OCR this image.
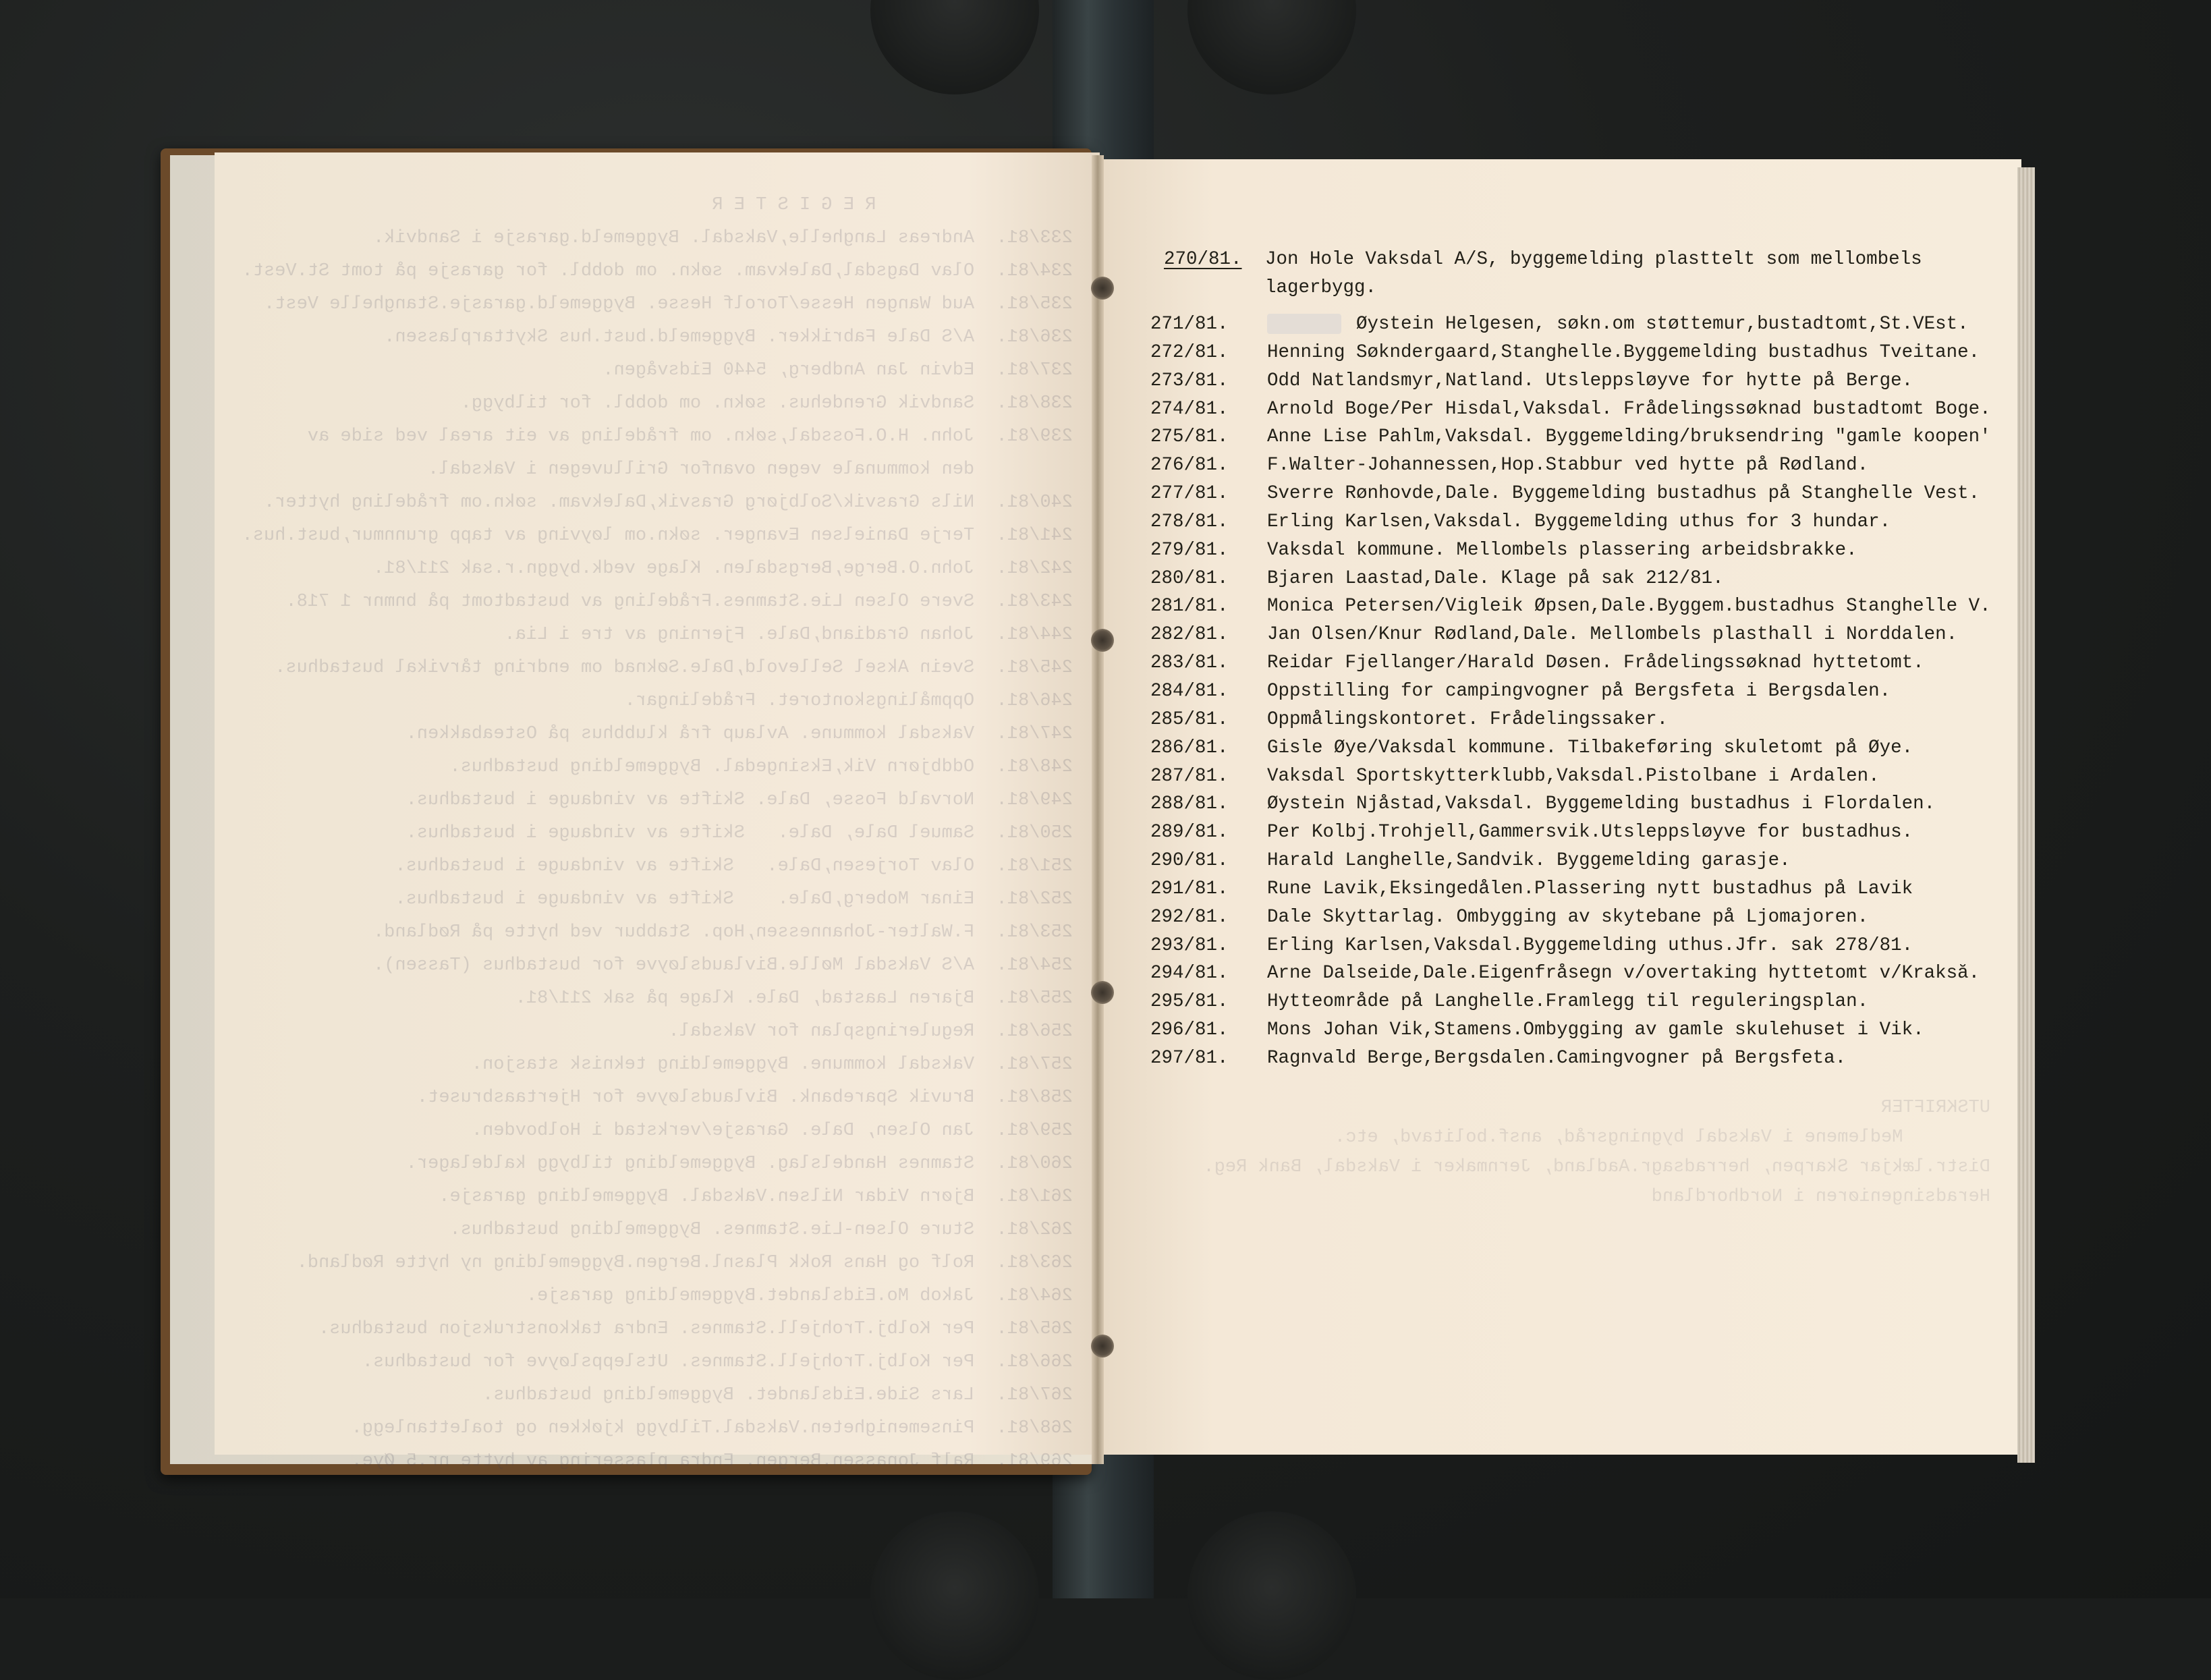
R E G I S T E R
233/81.  Andreas Langhelle,Vaksdal. Byggemeld.garasje i Sandvik.
234/81.  Olav Dagsdal,Dalekvam. søkn. om dobbl. for garasje på tomt St.Vest.
235/81.  Aud Wangen Hesse/Torolf Hesse. Byggemeld.garasje.Stanghelle Vest.
236/81.  A/S Dale Fabrikker. Byggemeld.bust.hus Skyttarplassen.
237/81.  Edvin Jan Andberg, 5440 Eidsvågen.
238/81.  Sandvik Grendehus. søkn. om dobbl. for tilbygg.
239/81.  John. H.O.Fossdal,søkn. om frådeling av eit areal ved side av
den kommunale vegen ovanfor Grilluvegen i Vaksdal.
240/81.  Nils Grasvik/Solbjørg Grasvik,Dalekvam. søkn.om frådeling hytter.
241/81.  Terje Danielsen Evanger. søkn.om løyving av tapp grunnmur,bust.hus.
242/81.  John.O.Berge,Bergsdalen. Klage vedk.byggn.r.sak 211/81.
243/81.  Svere Olsen Lie.Stamnes.Frådeling av bustadtomt på bnmnr 1 718.
244/81.  Johan Gradiand,Dale. Fjerning av tre i Lia.
245/81.  Svein Aksel Sellevold,Dale.Søknad om endring tårvikal bustadhus.
246/81.  Oppmålingskontoret. Frådelingar.
247/81.  Vaksdal kommune. Avlaup frå klubbhus på Osteabakken.
248/81.  Oddbjørn Vik,Eksingedal. Byggemelding bustadhus.
249/81.  Norvald Fosse, Dale. Skifte av vindauge i bustadhus.
250/81.  Samuel Dale, Dale.   Skifte av vindauge i bustadhus.
251/81.  Olav Torjesen,Dale.   Skifte av vindauge i bustadhus.
252/81.  Einar Moberg,Dale.    Skifte av vindauge i bustadhus.
253/81.  F.Walter-Johannessen,Hop. Stabbur ved hytte på Rødland.
254/81.  A/S Vaksdal Mølle.Bivlaudsløyve for bustadhus (Tassen).
255/81.  Bjaren Laastad, Dale. Klage på sak 211/81.
256/81.  Reguleringsplan for Vaksdal.
257/81.  Vaksdal kommune. Byggemelding teknisk stasjon.
258/81.  Bruvik Sparebank. Bivlaudsløyve for Hjertaasbruset.
259/81.  Jan Olsen, Dale. Garasje/verkstad i Holbovden.
260/81.  Stamnes Handelslag. Byggemelding tilbygg kaldelager.
261/81.  Bjørn Vidar Nilsen.Vaksdal. Byggemelding garasje.
262/81.  Sture Olsen-Lie.Stamnes. Byggemelding bustadhus.
263/81.  Rolf og Hans Rokk Plasnl.Bergen.Byggemelding ny hytte Rødland.
264/81.  Jakob Mo.Eidslandet.Byggemelding garasje.
265/81.  Per Kolbj.Trohjell.Stamnes. Endra takkonstruksjon bustadhus.
266/81.  Per Kolbj.Trohjell.Stamnes. Utsleppsløyve for bustadhus.
267/81.  Lars Side.Eidslandet. Byggemelding bustadhus.
268/81.  Pinsemenigheten.Vaksdal.Tilbygg kjøkken og toalettanlegg.
269/81.  Ralf Jonassen.Bergen. Endra plassering av hytte nr.5 Øye.
UTSKRIFTER
Medlemene i Vaksdal bygningsråd, ansf.bolitavd, etc.
Distr.lækjar Skarpen, herradsagr.Aadland, Jernmaker i Vaksdal, Bank Reg.
Heradsingeniøren i Nordhordland
270/81.	Jon Hole Vaksdal A/S, byggemelding plasttelt som mellombels
lagerbygg.
271/81.	Øystein Helgesen, søkn.om støttemur,bustadtomt,St.VEst.
272/81.	Henning Søkndergaard,Stanghelle.Byggemelding bustadhus Tveitane.
273/81.	Odd Natlandsmyr,Natland. Utsleppsløyve for hytte på Berge.
274/81.	Arnold Boge/Per Hisdal,Vaksdal. Frådelingssøknad bustadtomt Boge.
275/81.	Anne Lise Pahlm,Vaksdal. Byggemelding/bruksendring "gamle koopen'
276/81.	F.Walter-Johannessen,Hop.Stabbur ved hytte på Rødland.
277/81.	Sverre Rønhovde,Dale. Byggemelding bustadhus på Stanghelle Vest.
278/81.	Erling Karlsen,Vaksdal. Byggemelding uthus for 3 hundar.
279/81.	Vaksdal kommune. Mellombels plassering arbeidsbrakke.
280/81.	Bjaren Laastad,Dale. Klage på sak 212/81.
281/81.	Monica Petersen/Vigleik Øpsen,Dale.Byggem.bustadhus Stanghelle V.
282/81.	Jan Olsen/Knur Rødland,Dale. Mellombels plasthall i Norddalen.
283/81.	Reidar Fjellanger/Harald Døsen. Frådelingssøknad hyttetomt.
284/81.	Oppstilling for campingvogner på Bergsfeta i Bergsdalen.
285/81.	Oppmålingskontoret. Frådelingssaker.
286/81.	Gisle Øye/Vaksdal kommune. Tilbakeføring skuletomt på Øye.
287/81.	Vaksdal Sportskytterklubb,Vaksdal.Pistolbane i Ardalen.
288/81.	Øystein Njåstad,Vaksdal. Byggemelding bustadhus i Flordalen.
289/81.	Per Kolbj.Trohjell,Gammersvik.Utsleppsløyve for bustadhus.
290/81.	Harald Langhelle,Sandvik. Byggemelding garasje.
291/81.	Rune Lavik,Eksingedålen.Plassering nytt bustadhus på Lavik
292/81.	Dale Skyttarlag. Ombygging av skytebane på Ljomajoren.
293/81.	Erling Karlsen,Vaksdal.Byggemelding uthus.Jfr. sak 278/81.
294/81.	Arne Dalseide,Dale.Eigenfråsegn v/overtaking hyttetomt v/Kraksă.
295/81.	Hytteområde på Langhelle.Framlegg til reguleringsplan.
296/81.	Mons Johan Vik,Stamens.Ombygging av gamle skulehuset i Vik.
297/81.	Ragnvald Berge,Bergsdalen.Camingvogner på Bergsfeta.
